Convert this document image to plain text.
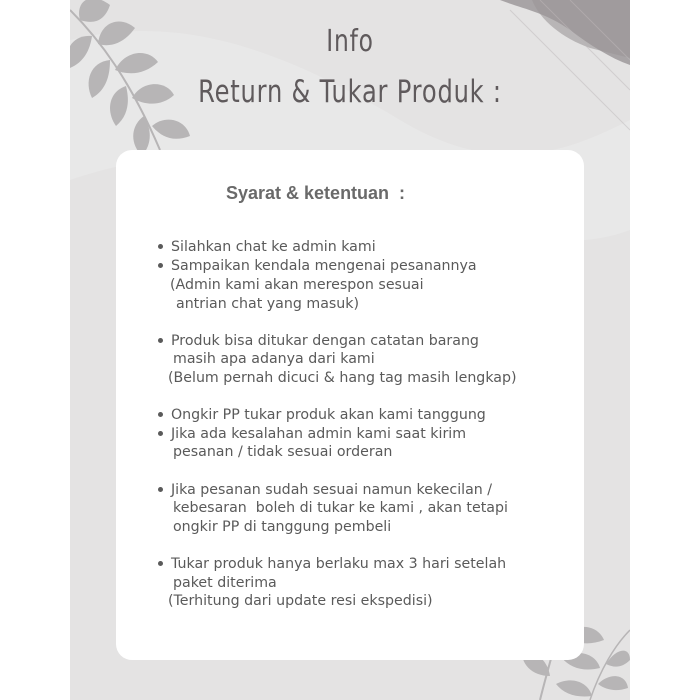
Info
Return & Tukar Produk :
Syarat & ketentuan  :
Silahkan chat ke admin kami
Sampaikan kendala mengenai pesanannya
(Admin kami akan merespon sesuai
antrian chat yang masuk)
Produk bisa ditukar dengan catatan barang
masih apa adanya dari kami
(Belum pernah dicuci & hang tag masih lengkap)
Ongkir PP tukar produk akan kami tanggung
Jika ada kesalahan admin kami saat kirim
pesanan / tidak sesuai orderan
Jika pesanan sudah sesuai namun kekecilan /
kebesaran  boleh di tukar ke kami , akan tetapi
ongkir PP di tanggung pembeli
Tukar produk hanya berlaku max 3 hari setelah
paket diterima
(Terhitung dari update resi ekspedisi)
